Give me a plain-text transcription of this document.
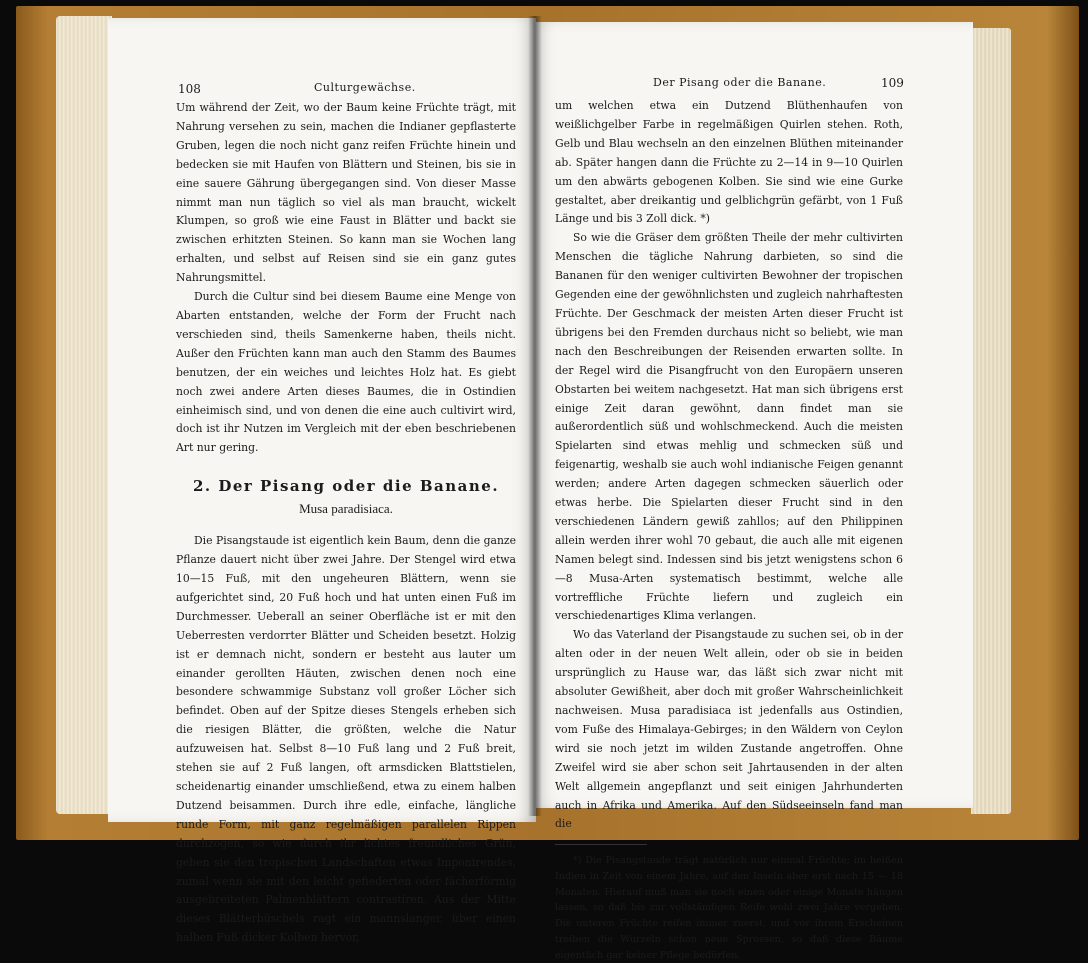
108	Culturgewächse.

Um während der Zeit, wo der Baum keine Früchte trägt, mit Nahrung versehen zu sein, machen die Indianer gepflasterte Gruben, legen die noch nicht ganz reifen Früchte hinein und bedecken sie mit Haufen von Blättern und Steinen, bis sie in eine sauere Gährung übergegangen sind. Von dieser Masse nimmt man nun täglich so viel als man braucht, wickelt Klumpen, so groß wie eine Faust in Blätter und backt sie zwischen erhitzten Steinen. So kann man sie Wochen lang erhalten, und selbst auf Reisen sind sie ein ganz gutes Nahrungsmittel.

Durch die Cultur sind bei diesem Baume eine Menge von Abarten entstanden, welche der Form der Frucht nach verschieden sind, theils Samenkerne haben, theils nicht. Außer den Früchten kann man auch den Stamm des Baumes benutzen, der ein weiches und leichtes Holz hat. Es giebt noch zwei andere Arten dieses Baumes, die in Ostindien einheimisch sind, und von denen die eine auch cultivirt wird, doch ist ihr Nutzen im Vergleich mit der eben beschriebenen Art nur gering.

2. Der Pisang oder die Banane.
Musa paradisiaca.

Die Pisangstaude ist eigentlich kein Baum, denn die ganze Pflanze dauert nicht über zwei Jahre. Der Stengel wird etwa 10—15 Fuß, mit den ungeheuren Blättern, wenn sie aufgerichtet sind, 20 Fuß hoch und hat unten einen Fuß im Durchmesser. Ueberall an seiner Oberfläche ist er mit den Ueberresten verdorrter Blätter und Scheiden besetzt. Holzig ist er demnach nicht, sondern er besteht aus lauter um einander gerollten Häuten, zwischen denen noch eine besondere schwammige Substanz voll großer Löcher sich befindet. Oben auf der Spitze dieses Stengels erheben sich die riesigen Blätter, die größten, welche die Natur aufzuweisen hat. Selbst 8—10 Fuß lang und 2 Fuß breit, stehen sie auf 2 Fuß langen, oft armsdicken Blattstielen, scheidenartig einander umschließend, etwa zu einem halben Dutzend beisammen. Durch ihre edle, einfache, längliche runde Form, mit ganz regelmäßigen parallelen Rippen durchzogen, so wie durch ihr lichtes freundliches Grün, geben sie den tropischen Landschaften etwas Imponirendes, zumal wenn sie mit den leicht gefiederten oder fächerförmig ausgebreiteten Palmenblättern contrastiren. Aus der Mitte dieses Blätterbüschels ragt ein mannslanger, über einen halben Fuß dicker Kolben hervor,

Der Pisang oder die Banane.	109

um welchen etwa ein Dutzend Blüthenhaufen von weißlichgelber Farbe in regelmäßigen Quirlen stehen. Roth, Gelb und Blau wechseln an den einzelnen Blüthen miteinander ab. Später hangen dann die Früchte zu 2—14 in 9—10 Quirlen um den abwärts gebogenen Kolben. Sie sind wie eine Gurke gestaltet, aber dreikantig und gelblichgrün gefärbt, von 1 Fuß Länge und bis 3 Zoll dick. *)

So wie die Gräser dem größten Theile der mehr cultivirten Menschen die tägliche Nahrung darbieten, so sind die Bananen für den weniger cultivirten Bewohner der tropischen Gegenden eine der gewöhnlichsten und zugleich nahrhaftesten Früchte. Der Geschmack der meisten Arten dieser Frucht ist übrigens bei den Fremden durchaus nicht so beliebt, wie man nach den Beschreibungen der Reisenden erwarten sollte. In der Regel wird die Pisangfrucht von den Europäern unseren Obstarten bei weitem nachgesetzt. Hat man sich übrigens erst einige Zeit daran gewöhnt, dann findet man sie außerordentlich süß und wohlschmeckend. Auch die meisten Spielarten sind etwas mehlig und schmecken süß und feigenartig, weshalb sie auch wohl indianische Feigen genannt werden; andere Arten dagegen schmecken säuerlich oder etwas herbe. Die Spielarten dieser Frucht sind in den verschiedenen Ländern gewiß zahllos; auf den Philippinen allein werden ihrer wohl 70 gebaut, die auch alle mit eigenen Namen belegt sind. Indessen sind bis jetzt wenigstens schon 6—8 Musa-Arten systematisch bestimmt, welche alle vortreffliche Früchte liefern und zugleich ein verschiedenartiges Klima verlangen.

Wo das Vaterland der Pisangstaude zu suchen sei, ob in der alten oder in der neuen Welt allein, oder ob sie in beiden ursprünglich zu Hause war, das läßt sich zwar nicht mit absoluter Gewißheit, aber doch mit großer Wahrscheinlichkeit nachweisen. Musa paradisiaca ist jedenfalls aus Ostindien, vom Fuße des Himalaya-Gebirges; in den Wäldern von Ceylon wird sie noch jetzt im wilden Zustande angetroffen. Ohne Zweifel wird sie aber schon seit Jahrtausenden in der alten Welt allgemein angepflanzt und seit einigen Jahrhunderten auch in Afrika und Amerika. Auf den Südseeinseln fand man die

*) Die Pisangstaude trägt natürlich nur einmal Früchte; im heißen Indien in Zeit von einem Jahre, auf den Inseln aber erst nach 15 — 18 Monaten. Hierauf muß man sie noch einen oder einige Monate hängen lassen, so daß bis zur vollständigen Reife wohl zwei Jahre vergehen. Die unteren Früchte reifen immer zuerst, und vor ihrem Erscheinen treiben die Wurzeln schon neue Sprossen, so daß diese Bäume eigentlich gar keiner Pflege bedürfen.
